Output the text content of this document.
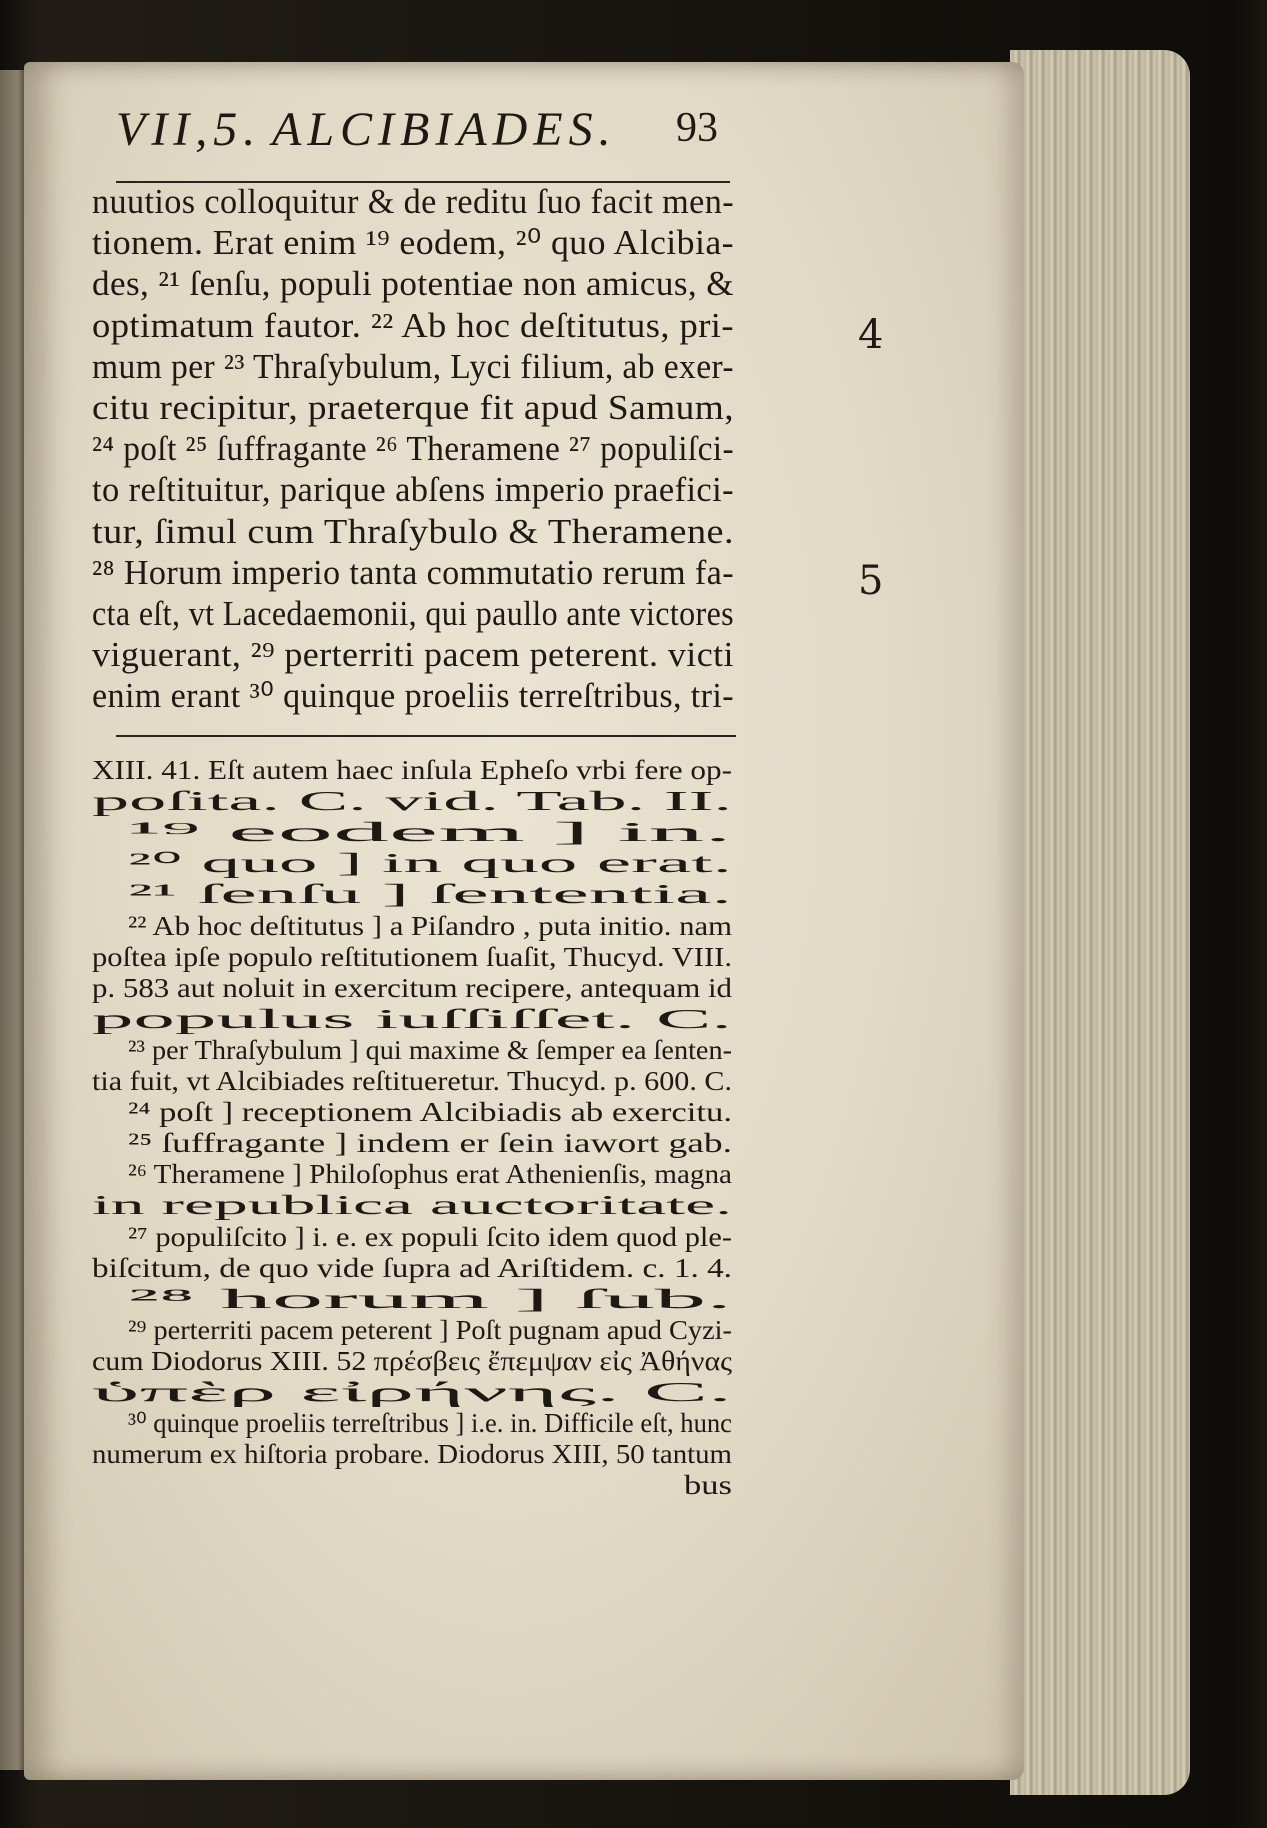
VII,5. ALCIBIADES. 93
nuutios colloquitur & de reditu ſuo facit men-
tionem. Erat enim ¹⁹ eodem, ²⁰ quo Alcibia-
des, ²¹ ſenſu, populi potentiae non amicus, &
optimatum fautor. ²² Ab hoc deſtitutus, pri-
mum per ²³ Thraſybulum, Lyci filium, ab exer-
citu recipitur, praeterque fit apud Samum,
²⁴ poſt ²⁵ ſuffragante ²⁶ Theramene ²⁷ populiſci-
to reſtituitur, parique abſens imperio praefici-
tur, ſimul cum Thraſybulo & Theramene.
²⁸ Horum imperio tanta commutatio rerum fa-
cta eſt, vt Lacedaemonii, qui paullo ante victores
viguerant, ²⁹ perterriti pacem peterent. victi
enim erant ³⁰ quinque proeliis terreſtribus, tri-
4
5
XIII. 41. Eſt autem haec inſula Epheſo vrbi fere op-
poſita. C. vid. Tab. II.
¹⁹ eodem ] in.
²⁰ quo ] in quo erat.
²¹ ſenſu ] ſententia.
²² Ab hoc deſtitutus ] a Piſandro , puta initio. nam
poſtea ipſe populo reſtitutionem ſuaſit, Thucyd. VIII.
p. 583 aut noluit in exercitum recipere, antequam id
populus iuſſiſſet. C.
²³ per Thraſybulum ] qui maxime & ſemper ea ſenten-
tia fuit, vt Alcibiades reſtitueretur. Thucyd. p. 600. C.
²⁴ poſt ] receptionem Alcibiadis ab exercitu.
²⁵ ſuffragante ] indem er ſein iawort gab.
²⁶ Theramene ] Philoſophus erat Athenienſis, magna
in republica auctoritate.
²⁷ populiſcito ] i. e. ex populi ſcito idem quod ple-
biſcitum, de quo vide ſupra ad Ariſtidem. c. 1. 4.
²⁸ horum ] ſub.
²⁹ perterriti pacem peterent ] Poſt pugnam apud Cyzi-
cum Diodorus XIII. 52 πρέσβεις ἔπεμψαν εἰς Ἀθήνας
ὑπὲρ εἰρήνης. C.
³⁰ quinque proeliis terreſtribus ] i.e. in. Difficile eſt, hunc
numerum ex hiſtoria probare. Diodorus XIII, 50 tantum
bus
